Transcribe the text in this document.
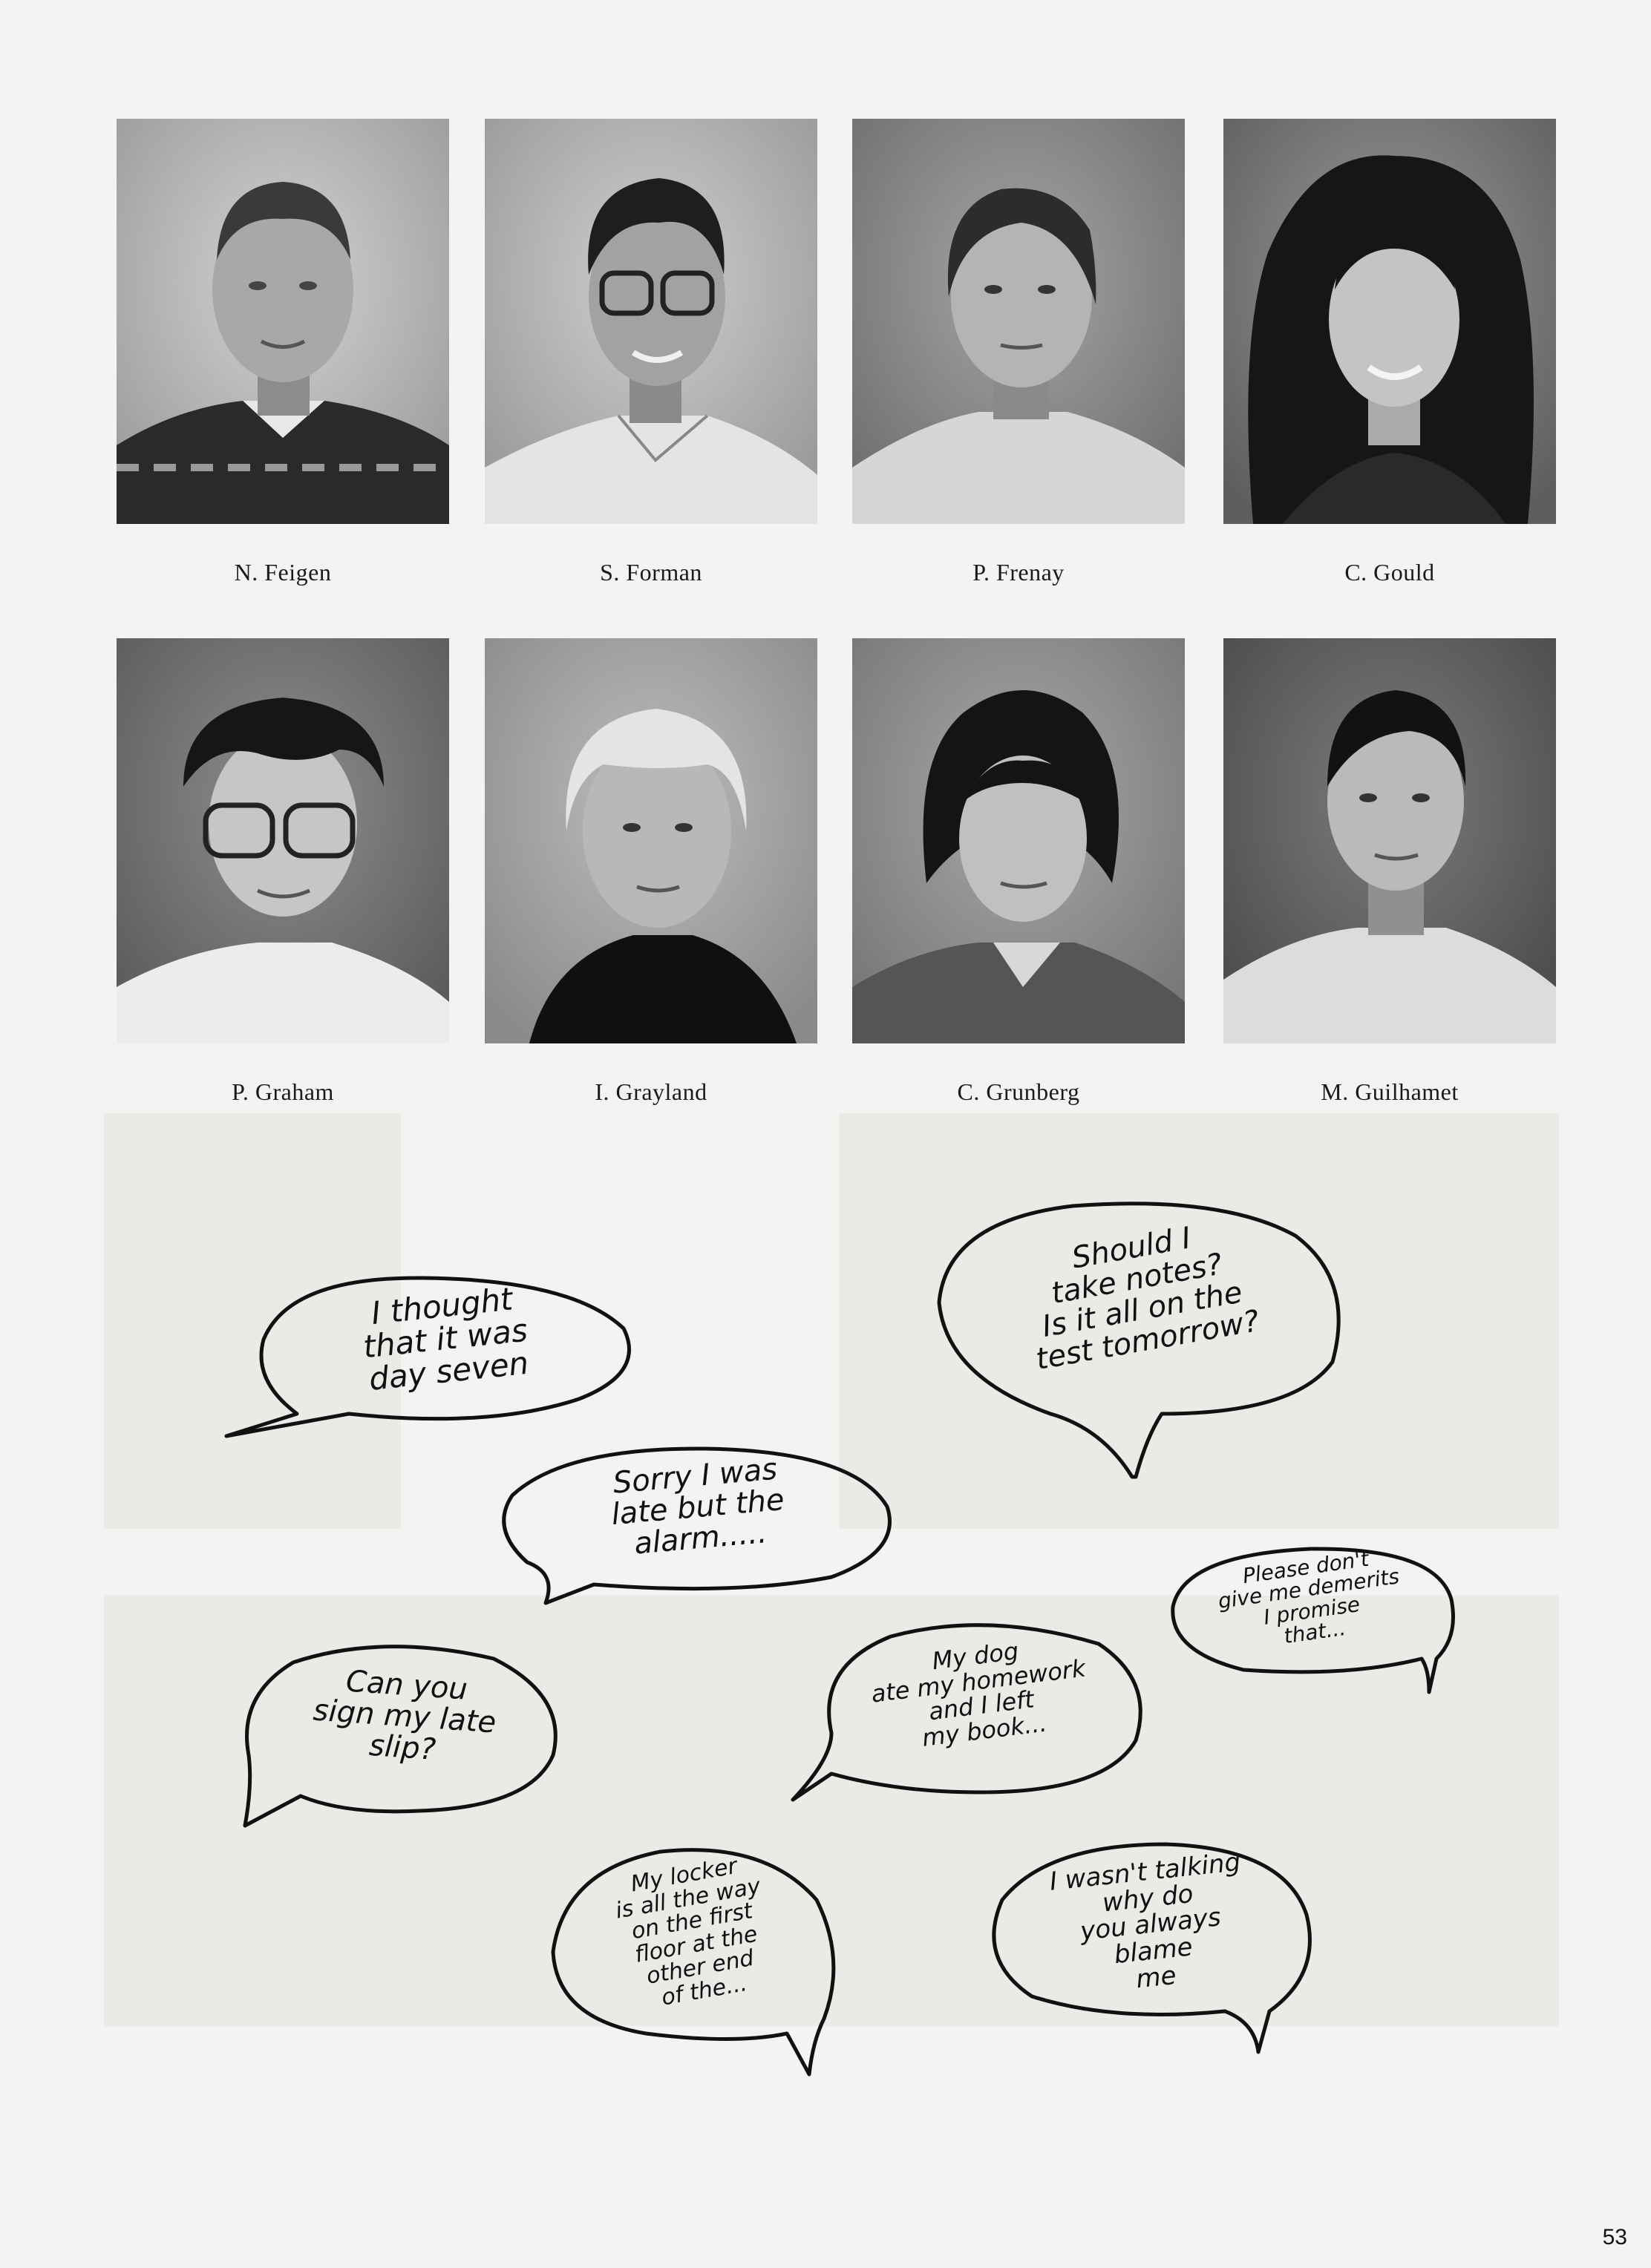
N. Feigen	S. Forman	P. Frenay	C. Gould
P. Graham	I. Grayland	C. Grunberg	M. Guilhamet
I thought
that it was
day seven
Should I
take notes?
Is it all on the
test tomorrow?
Sorry I was
late but the
alarm.....
Please don't
give me demerits
I promise
that...
Can you
sign my late
slip?
My dog
ate my homework
and I left
my book...
My locker
is all the way
on the first
floor at the
other end
of the...
I wasn't talking
why do
you always
blame
me
53
